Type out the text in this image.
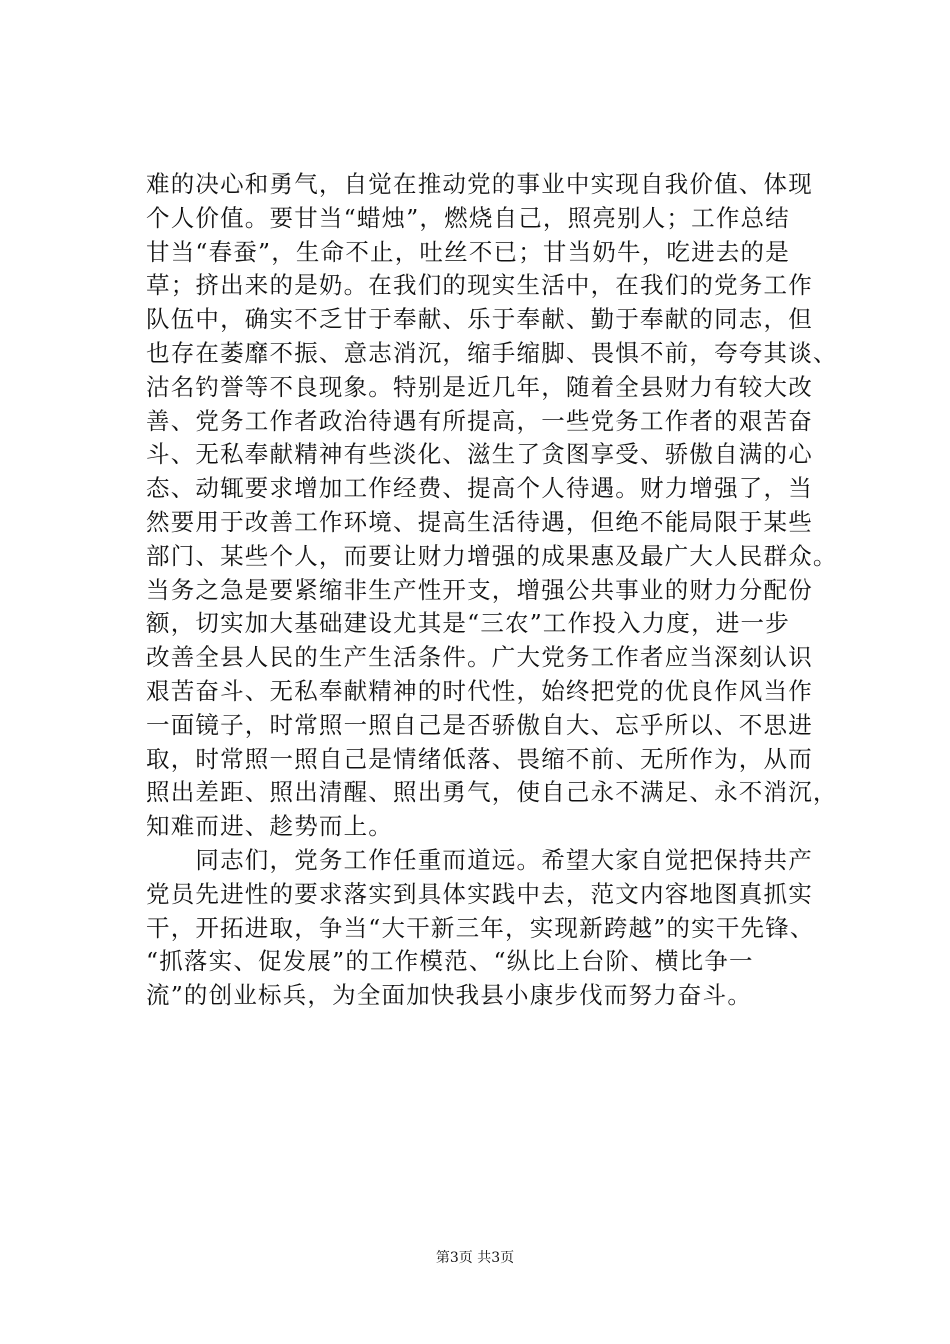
难的决心和勇气，自觉在推动党的事业中实现自我价值、体现
个人价值。要甘当“蜡烛”，燃烧自己，照亮别人；工作总结
甘当“春蚕”，生命不止，吐丝不已；甘当奶牛，吃进去的是
草；挤出来的是奶。在我们的现实生活中，在我们的党务工作
队伍中，确实不乏甘于奉献、乐于奉献、勤于奉献的同志，但
也存在萎靡不振、意志消沉，缩手缩脚、畏惧不前，夸夸其谈、
沽名钓誉等不良现象。特别是近几年，随着全县财力有较大改
善、党务工作者政治待遇有所提高，一些党务工作者的艰苦奋
斗、无私奉献精神有些淡化、滋生了贪图享受、骄傲自满的心
态、动辄要求增加工作经费、提高个人待遇。财力增强了，当
然要用于改善工作环境、提高生活待遇，但绝不能局限于某些
部门、某些个人，而要让财力增强的成果惠及最广大人民群众。
当务之急是要紧缩非生产性开支，增强公共事业的财力分配份
额，切实加大基础建设尤其是“三农”工作投入力度，进一步
改善全县人民的生产生活条件。广大党务工作者应当深刻认识
艰苦奋斗、无私奉献精神的时代性，始终把党的优良作风当作
一面镜子，时常照一照自己是否骄傲自大、忘乎所以、不思进
取，时常照一照自己是情绪低落、畏缩不前、无所作为，从而
照出差距、照出清醒、照出勇气，使自己永不满足、永不消沉，
知难而进、趁势而上。
　　同志们，党务工作任重而道远。希望大家自觉把保持共产
党员先进性的要求落实到具体实践中去，范文内容地图真抓实
干，开拓进取，争当“大干新三年，实现新跨越”的实干先锋、
“抓落实、促发展”的工作模范、“纵比上台阶、横比争一
流”的创业标兵，为全面加快我县小康步伐而努力奋斗。
第3页 共3页
